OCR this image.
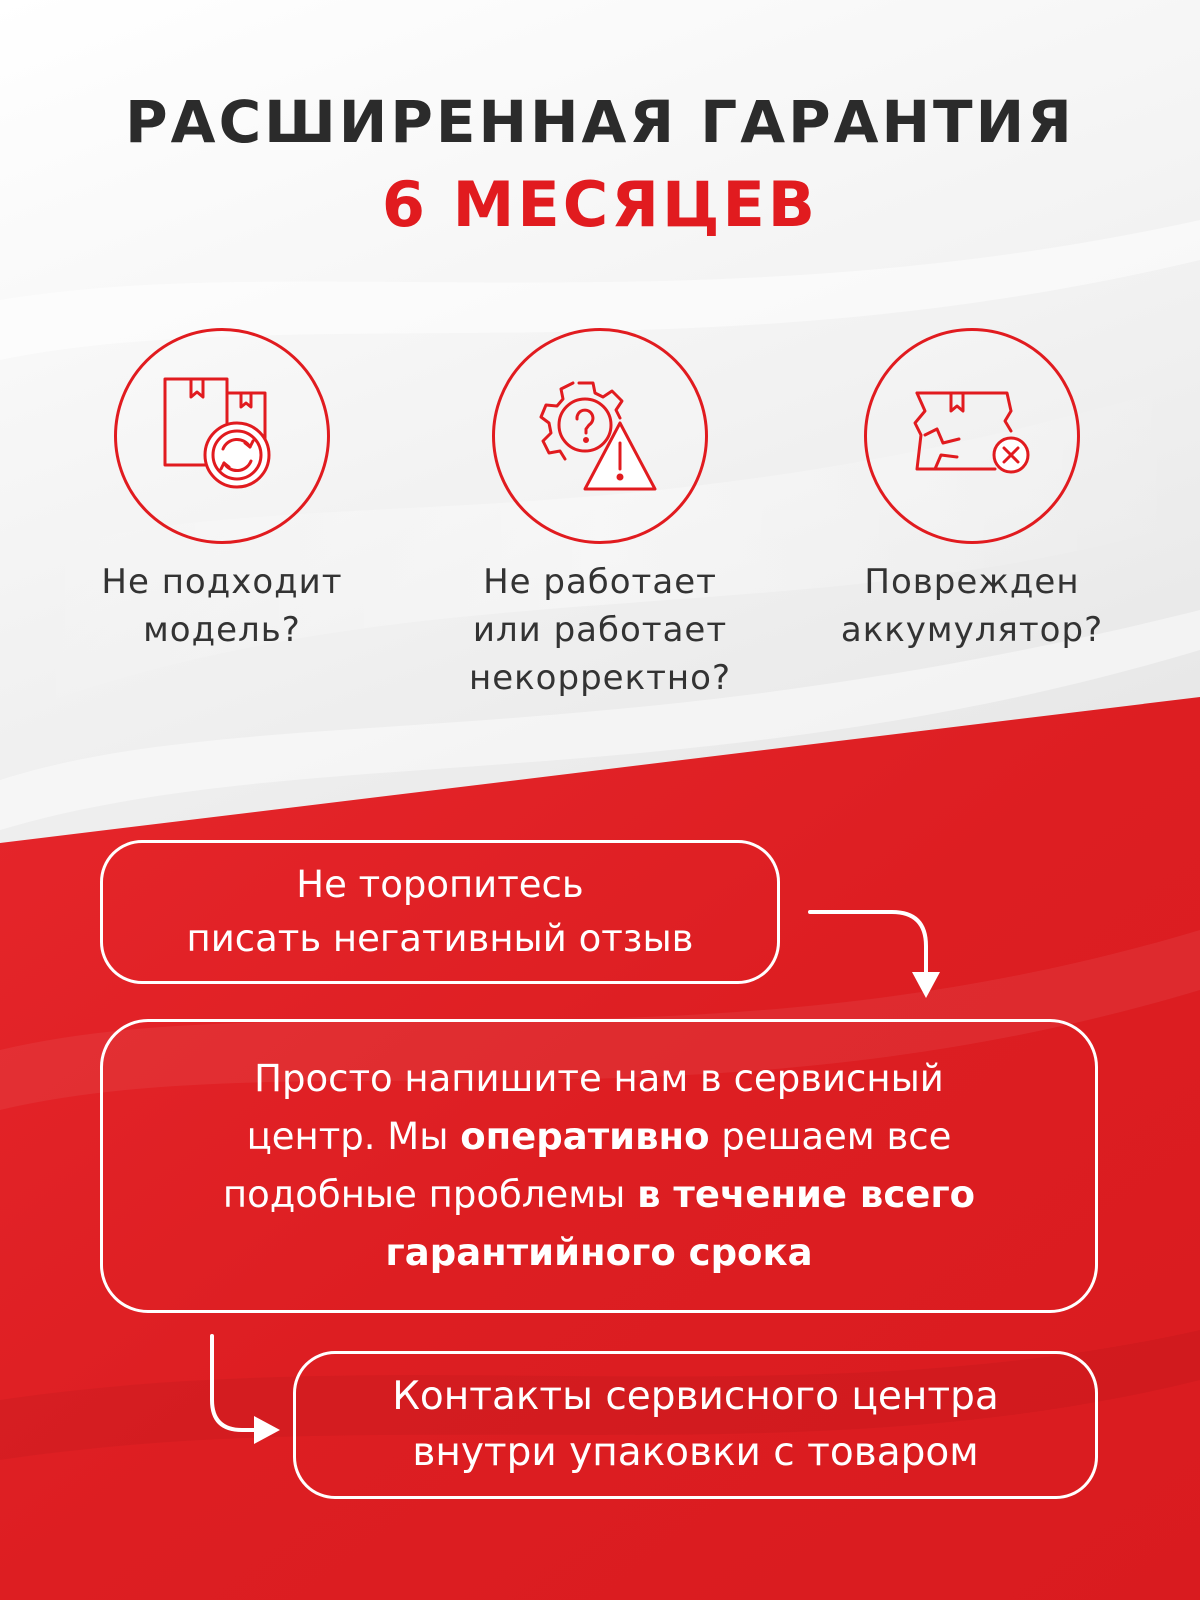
РАСШИРЕННАЯ ГАРАНТИЯ
6 МЕСЯЦЕВ
Не подходит
модель?
Не работает
или работает
некорректно?
Поврежден
аккумулятор?

Не торопитесь
писать негативный отзыв

Просто напишите нам в сервисный
центр. Мы оперативно решаем все
подобные проблемы в течение всего
гарантийного срока

Контакты сервисного центра
внутри упаковки с товаром
